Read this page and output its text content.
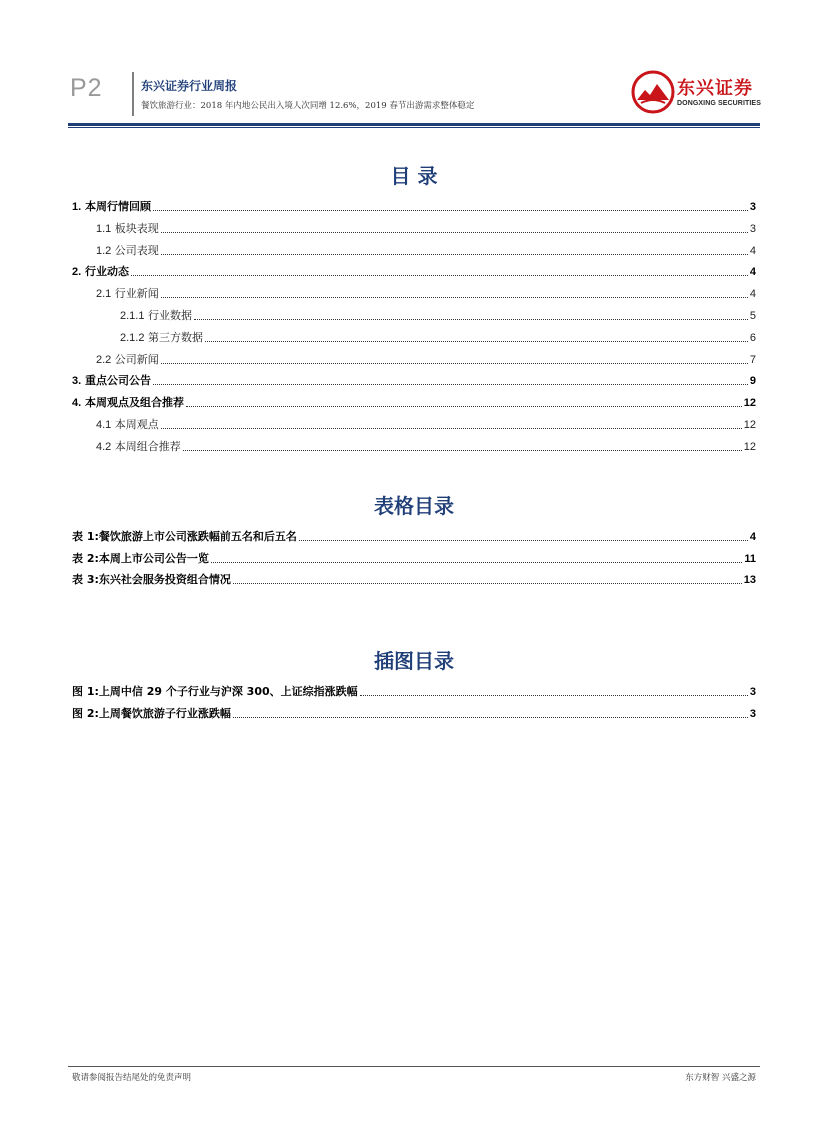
P2	东兴证券行业周报
餐饮旅游行业：2018 年内地公民出入境人次同增 12.6%，2019 春节出游需求整体稳定
东兴证券
DONGXING SECURITIES
目 录
1. 本周行情回顾	3
1.1 板块表现	3
1.2 公司表现	4
2. 行业动态	4
2.1 行业新闻	4
2.1.1 行业数据	5
2.1.2 第三方数据	6
2.2 公司新闻	7
3. 重点公司公告	9
4. 本周观点及组合推荐	12
4.1 本周观点	12
4.2 本周组合推荐	12
表格目录
表 1:餐饮旅游上市公司涨跌幅前五名和后五名	4
表 2:本周上市公司公告一览	11
表 3:东兴社会服务投资组合情况	13
插图目录
图 1:上周中信 29 个子行业与沪深 300、上证综指涨跌幅	3
图 2:上周餐饮旅游子行业涨跌幅	3
敬请参阅报告结尾处的免责声明	东方财智 兴盛之源
